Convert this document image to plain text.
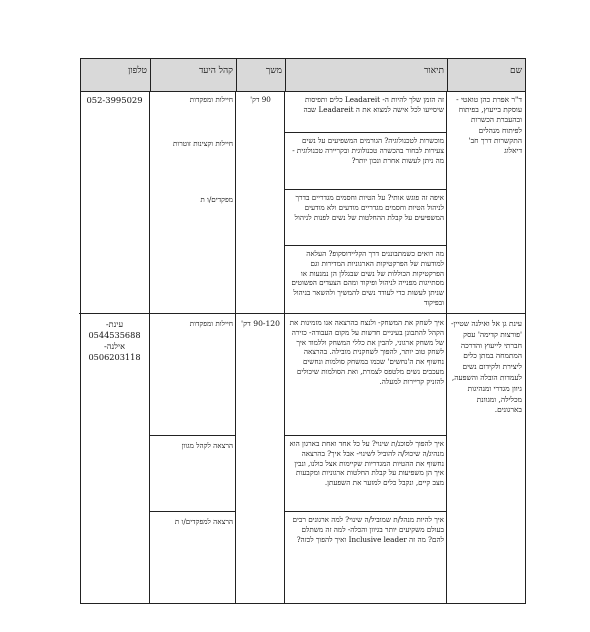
שם
תיאור
משך
קהל היעד
טלפון
ד"ר אפרת כהן טואטי - עוסקת בייעוץ, בפיתוח ובהעברת הכשרות לפיתוח מנהלים התקשרות דרך חב' דיאלוג
90 דק'
052-3995029	זה הזמן שלך להיות ה- Leadareit כלים ותפיסות שיסייעו לכל אישה למצוא את ה Leadareit שבה
מוכשרות לטכנולוגיה? הגורמים המשפיעים על נשים צעירות לבחור בהכשרה טכנולוגית ובקריירה טכנולוגית - מה ניתן לעשות אחרת ונכון יותר?
איפה זה פוגש אותי? על הטיות וחסמים מגדריים בדרך לניהול הטיות וחסמים מגדריים מודעים ולא מודעים המשפיעים על קבלת ההחלטות של נשים לפנות לניהול
מה רואים כשמתבוננים דרך הקליידוסקופ? העלאה למודעות של הפרקטיקות הארגוניות המדירות וגם הפרקטיקות הכוללות של נשים שבגללן הן נמנעות או מסתייגות מפנייה לניהול ופיקוד ומהם הצעדים הפשוטים שניתן לעשות כדי לעודד נשים להמשיך ולהשאר בניהול ובפיקוד
חיילות ומפקדות
חיילות וקצינות זוטרות
מפקדים/ו ת
עינת גן אל ואילנה שטיין- 'פורצות קדימה' עסק חברתי לייעוץ והדרכה המתמחה במתן כלים ליצירת ולקידום נשים לעמדות הובלה והשפעה, גיוון מגדרי ומנהיגות מכלילה, ומגוונת בארגונים.
90-120 דק'
עינת- 0544535688 אילנה- 0506203118
איך לשחק את המשחק- ולנצח בהרצאה אנו מזמינות את הקהל להתבונן בעיניים חדשות על מקום העבודה- כזירה של משחק ארגוני, להבין את כללי המשחק וללמוד איך לשחק טוב יותר, להפוך לשחקנית מובילה. בהרצאה נחשוף את ה'נחשים' שכמו במשחק סולמות ונחשים מעכבים נשים מלטפס לצמרת, ואת הסולמות שיכולים להזניק קריירות למעלה.
איך להפוך לסוכנ/ת שינוי? על כל אחד ואחת בארגון הוא מנהיג/ה שיכול/ה להוביל לשינוי- אבל איך? בהרצאה נחשוף את ההטיות המגדריות שקיימות אצל כולנו, ונבין איך הן משפיעות על קבלת החלטות ארגוניות ומקבעות מצב קיים, ונקבל כלים למזער את השפעתן.
איך להיות מנהל/ת שמוביל/ה שינוי? למה ארגונים רבים בעולם משקיעים יותר בגיוון והכלה- למה זה משתלם להם? מה זה Inclusive leader ואיך להפוך לכזה?
חיילות ומפקדות
הרצאה לקהל מגוון
הרצאה למפקדים/ו ת
